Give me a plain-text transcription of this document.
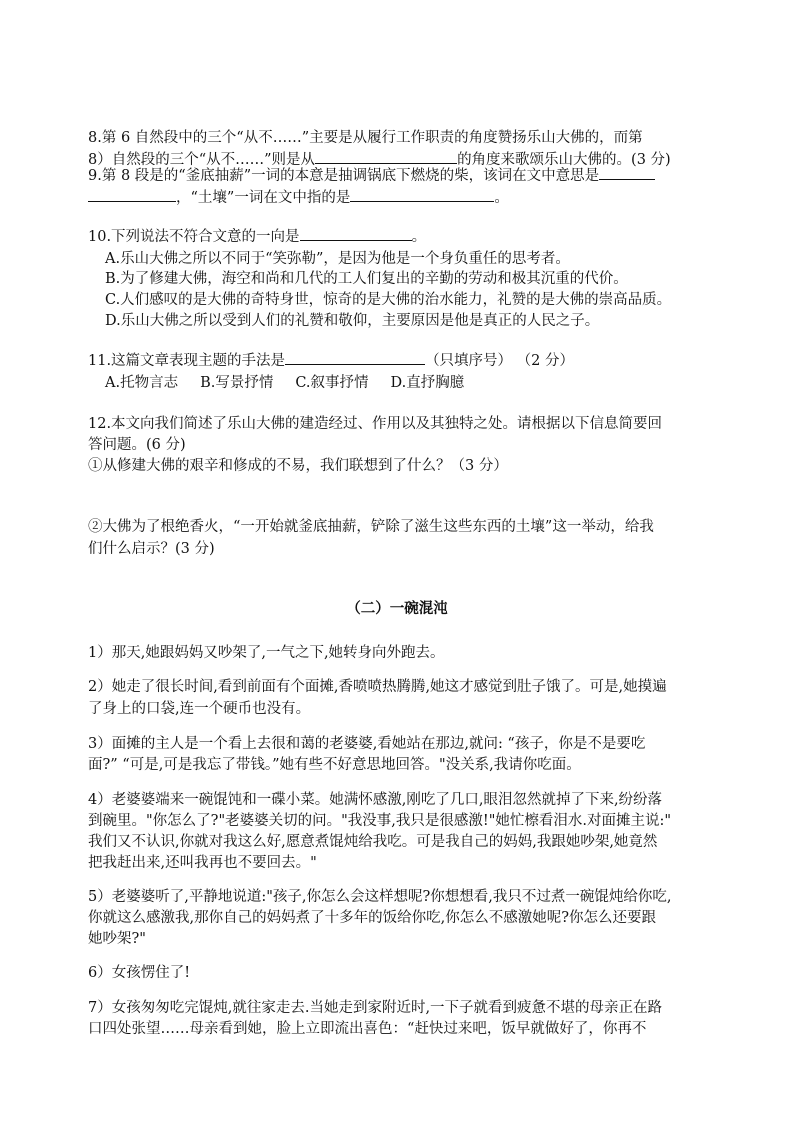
8.第 6 自然段中的三个“从不……”主要是从履行工作职责的角度赞扬乐山大佛的，而第
8）自然段的三个“从不……”则是从	的角度来歌颂乐山大佛的。(3 分)
9.第 8 段是的“釜底抽薪”一词的本意是抽调锅底下燃烧的柴，该词在文中意思是
，“土壤”一词在文中指的是	。
10.下列说法不符合文意的一向是	。
A.乐山大佛之所以不同于“笑弥勒”，是因为他是一个身负重任的思考者。
B.为了修建大佛，海空和尚和几代的工人们复出的辛勤的劳动和极其沉重的代价。
C.人们感叹的是大佛的奇特身世，惊奇的是大佛的治水能力，礼赞的是大佛的崇高品质。
D.乐山大佛之所以受到人们的礼赞和敬仰，主要原因是他是真正的人民之子。
11.这篇文章表现主题的手法是	（只填序号） （2 分）
A.托物言志 B.写景抒情 C.叙事抒情 D.直抒胸臆
12.本文向我们简述了乐山大佛的建造经过、作用以及其独特之处。请根据以下信息简要回
答问题。(6 分)
①从修建大佛的艰辛和修成的不易，我们联想到了什么？（3 分）
②大佛为了根绝香火，“一开始就釜底抽薪，铲除了滋生这些东西的土壤”这一举动，给我
们什么启示？(3 分)
（二）一碗混沌
1）那天,她跟妈妈又吵架了,一气之下,她转身向外跑去。
2）她走了很长时间,看到前面有个面摊,香喷喷热腾腾,她这才感觉到肚子饿了。可是,她摸遍
了身上的口袋,连一个硬币也没有。
3）面摊的主人是一个看上去很和蔼的老婆婆,看她站在那边,就问: “孩子，你是不是要吃
面?” “可是,可是我忘了带钱。”她有些不好意思地回答。"没关系,我请你吃面。
4）老婆婆端来一碗馄饨和一碟小菜。她满怀感激,刚吃了几口,眼泪忽然就掉了下来,纷纷落
到碗里。"你怎么了?"老婆婆关切的问。"我没事,我只是很感激!"她忙檫看泪水.对面摊主说:"
我们又不认识,你就对我这么好,愿意煮馄炖给我吃。可是我自己的妈妈,我跟她吵架,她竟然
把我赶出来,还叫我再也不要回去。"
5）老婆婆听了,平静地说道:"孩子,你怎么会这样想呢?你想想看,我只不过煮一碗馄炖给你吃,
你就这么感激我,那你自己的妈妈煮了十多年的饭给你吃,你怎么不感激她呢?你怎么还要跟
她吵架?"
6）女孩愣住了!
7）女孩匆匆吃完馄炖,就往家走去.当她走到家附近时,一下子就看到疲惫不堪的母亲正在路
口四处张望……母亲看到她，脸上立即流出喜色：“赶快过来吧，饭早就做好了，你再不
